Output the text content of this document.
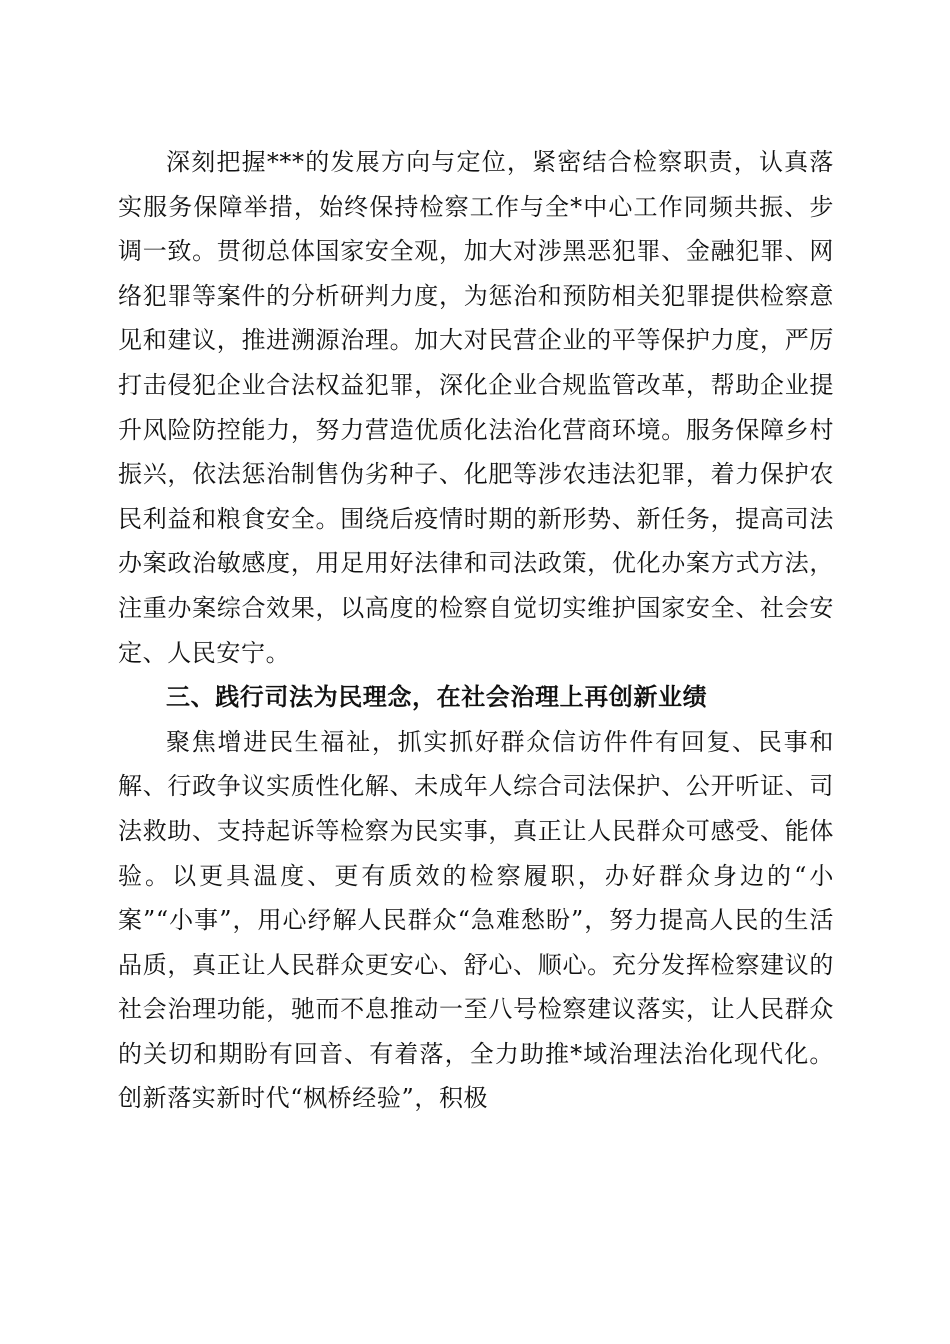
深刻把握***的发展方向与定位，紧密结合检察职责，认真落实服务保障举措，始终保持检察工作与全*中心工作同频共振、步调一致。贯彻总体国家安全观，加大对涉黑恶犯罪、金融犯罪、网络犯罪等案件的分析研判力度，为惩治和预防相关犯罪提供检察意见和建议，推进溯源治理。加大对民营企业的平等保护力度，严厉打击侵犯企业合法权益犯罪，深化企业合规监管改革，帮助企业提升风险防控能力，努力营造优质化法治化营商环境。服务保障乡村振兴，依法惩治制售伪劣种子、化肥等涉农违法犯罪，着力保护农民利益和粮食安全。围绕后疫情时期的新形势、新任务，提高司法办案政治敏感度，用足用好法律和司法政策，优化办案方式方法，注重办案综合效果，以高度的检察自觉切实维护国家安全、社会安定、人民安宁。

三、践行司法为民理念，在社会治理上再创新业绩

聚焦增进民生福祉，抓实抓好群众信访件件有回复、民事和解、行政争议实质性化解、未成年人综合司法保护、公开听证、司法救助、支持起诉等检察为民实事，真正让人民群众可感受、能体验。以更具温度、更有质效的检察履职，办好群众身边的“小案”“小事”，用心纾解人民群众“急难愁盼”，努力提高人民的生活品质，真正让人民群众更安心、舒心、顺心。充分发挥检察建议的社会治理功能，驰而不息推动一至八号检察建议落实，让人民群众的关切和期盼有回音、有着落，全力助推*域治理法治化现代化。创新落实新时代“枫桥经验”，积极
